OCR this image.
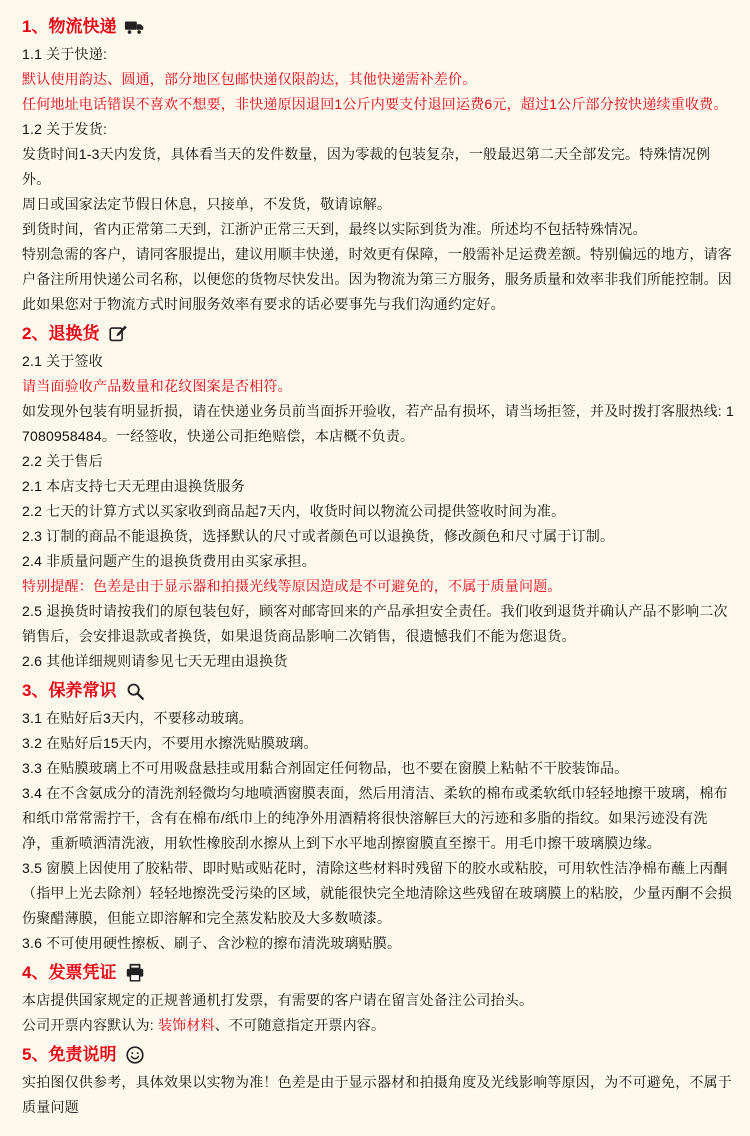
1、物流快递

1.1 关于快递:

默认使用韵达、圆通，部分地区包邮快递仅限韵达，其他快递需补差价。

任何地址电话错误不喜欢不想要，非快递原因退回1公斤内要支付退回运费6元，超过1公斤部分按快递续重收费。

1.2 关于发货:

发货时间1-3天内发货，具体看当天的发件数量，因为零裁的包装复杂，一般最迟第二天全部发完。特殊情况例外。

周日或国家法定节假日休息，只接单，不发货，敬请谅解。

到货时间，省内正常第二天到，江浙沪正常三天到，最终以实际到货为准。所述均不包括特殊情况。

特别急需的客户，请同客服提出，建议用顺丰快递，时效更有保障，一般需补足运费差额。特别偏远的地方，请客户备注所用快递公司名称，以便您的货物尽快发出。因为物流为第三方服务，服务质量和效率非我们所能控制。因此如果您对于物流方式时间服务效率有要求的话必要事先与我们沟通约定好。

2、退换货

2.1 关于签收

请当面验收产品数量和花纹图案是否相符。

如发现外包装有明显折损，请在快递业务员前当面拆开验收，若产品有损坏，请当场拒签，并及时拨打客服热线: 17080958484。一经签收，快递公司拒绝赔偿，本店概不负责。

2.2 关于售后

2.1 本店支持七天无理由退换货服务

2.2 七天的计算方式以买家收到商品起7天内，收货时间以物流公司提供签收时间为准。

2.3 订制的商品不能退换货，选择默认的尺寸或者颜色可以退换货，修改颜色和尺寸属于订制。

2.4 非质量问题产生的退换货费用由买家承担。

特别提醒：色差是由于显示器和拍摄光线等原因造成是不可避免的，不属于质量问题。

2.5 退换货时请按我们的原包装包好，顾客对邮寄回来的产品承担安全责任。我们收到退货并确认产品不影响二次销售后，会安排退款或者换货，如果退货商品影响二次销售，很遗憾我们不能为您退货。

2.6 其他详细规则请参见七天无理由退换货

3、保养常识

3.1 在贴好后3天内，不要移动玻璃。

3.2 在贴好后15天内，不要用水擦洗贴膜玻璃。

3.3 在贴膜玻璃上不可用吸盘悬挂或用黏合剂固定任何物品，也不要在窗膜上粘帖不干胶装饰品。

3.4 在不含氨成分的清洗剂轻微均匀地喷洒窗膜表面，然后用清洁、柔软的棉布或柔软纸巾轻轻地擦干玻璃，棉布和纸巾常常需拧干，含有在棉布/纸巾上的纯净外用酒精将很快溶解巨大的污迹和多脂的指纹。如果污迹没有洗净，重新喷洒清洗液，用软性橡胶刮水擦从上到下水平地刮擦窗膜直至擦干。用毛巾擦干玻璃膜边缘。

3.5 窗膜上因使用了胶粘带、即时贴或贴花时，清除这些材料时残留下的胶水或粘胶，可用软性洁净棉布蘸上丙酮（指甲上光去除剂）轻轻地擦洗受污染的区域，就能很快完全地清除这些残留在玻璃膜上的粘胶，少量丙酮不会损伤聚醋薄膜，但能立即溶解和完全蒸发粘胶及大多数喷漆。

3.6 不可使用硬性擦板、刷子、含沙粒的擦布清洗玻璃贴膜。

4、发票凭证

本店提供国家规定的正规普通机打发票，有需要的客户请在留言处备注公司抬头。

公司开票内容默认为: 装饰材料、不可随意指定开票内容。

5、免责说明

实拍图仅供参考，具体效果以实物为准！色差是由于显示器材和拍摄角度及光线影响等原因，为不可避免，不属于质量问题
